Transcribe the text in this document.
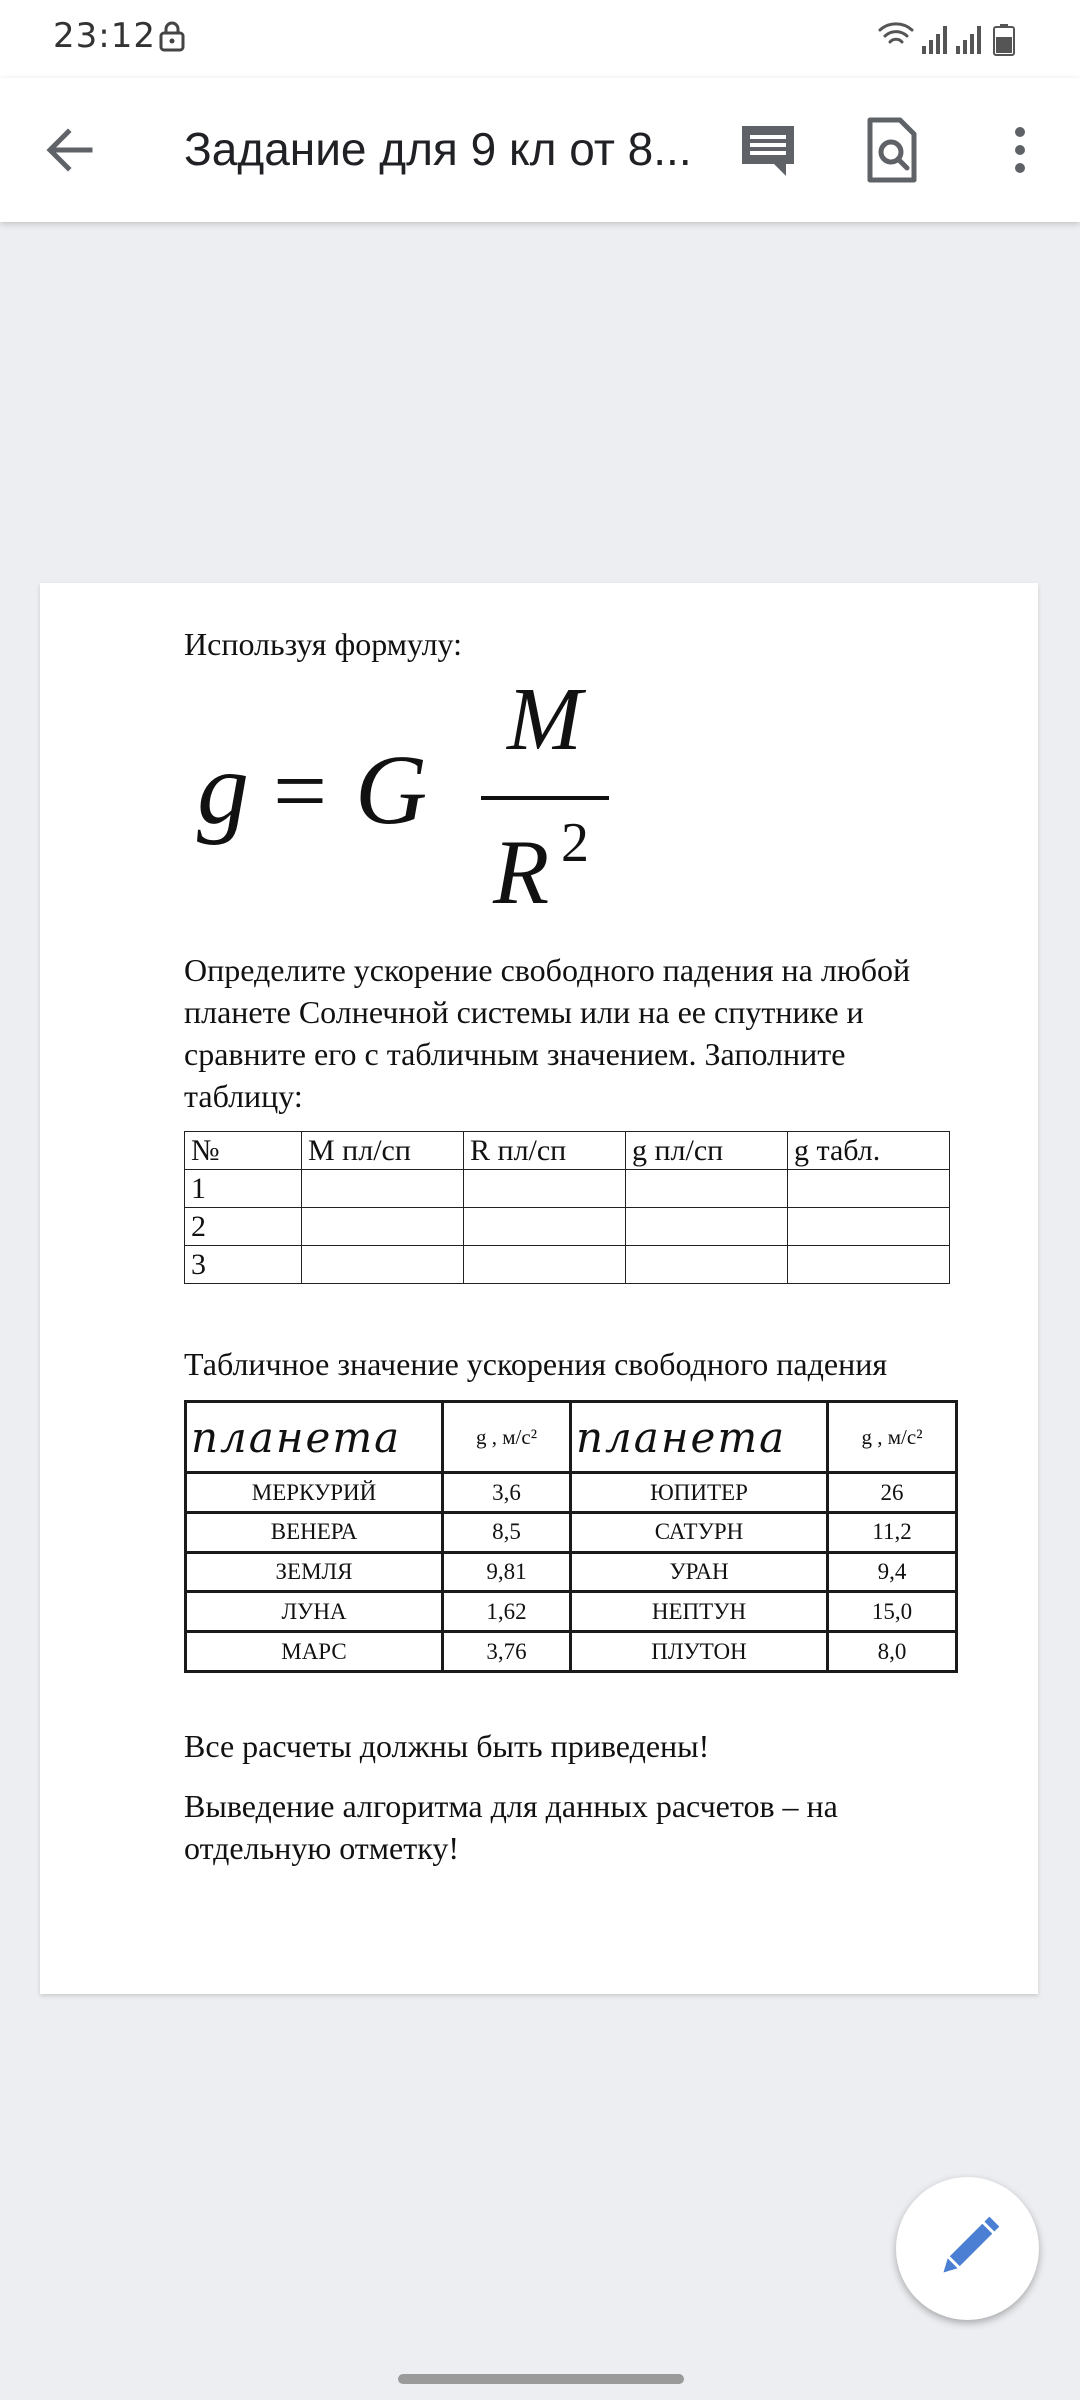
23:12
Задание для 9 кл от 8...
Используя формулу:
g = G
M
R 2
Определите ускорение свободного падения на любой планете Солнечной системы или на ее спутнике и сравните его с табличным значением. Заполните таблицу:
№	М пл/сп	R пл/сп	g пл/сп	g табл.
1				
2				
3				
Табличное значение ускорения свободного падения
планета	g , м/с²	планета	g , м/с²
МЕРКУРИЙ	3,6	ЮПИТЕР	26
ВЕНЕРА	8,5	САТУРН	11,2
ЗЕМЛЯ	9,81	УРАН	9,4
ЛУНА	1,62	НЕПТУН	15,0
МАРС	3,76	ПЛУТОН	8,0
Все расчеты должны быть приведены!
Выведение алгоритма для данных расчетов – на отдельную отметку!
